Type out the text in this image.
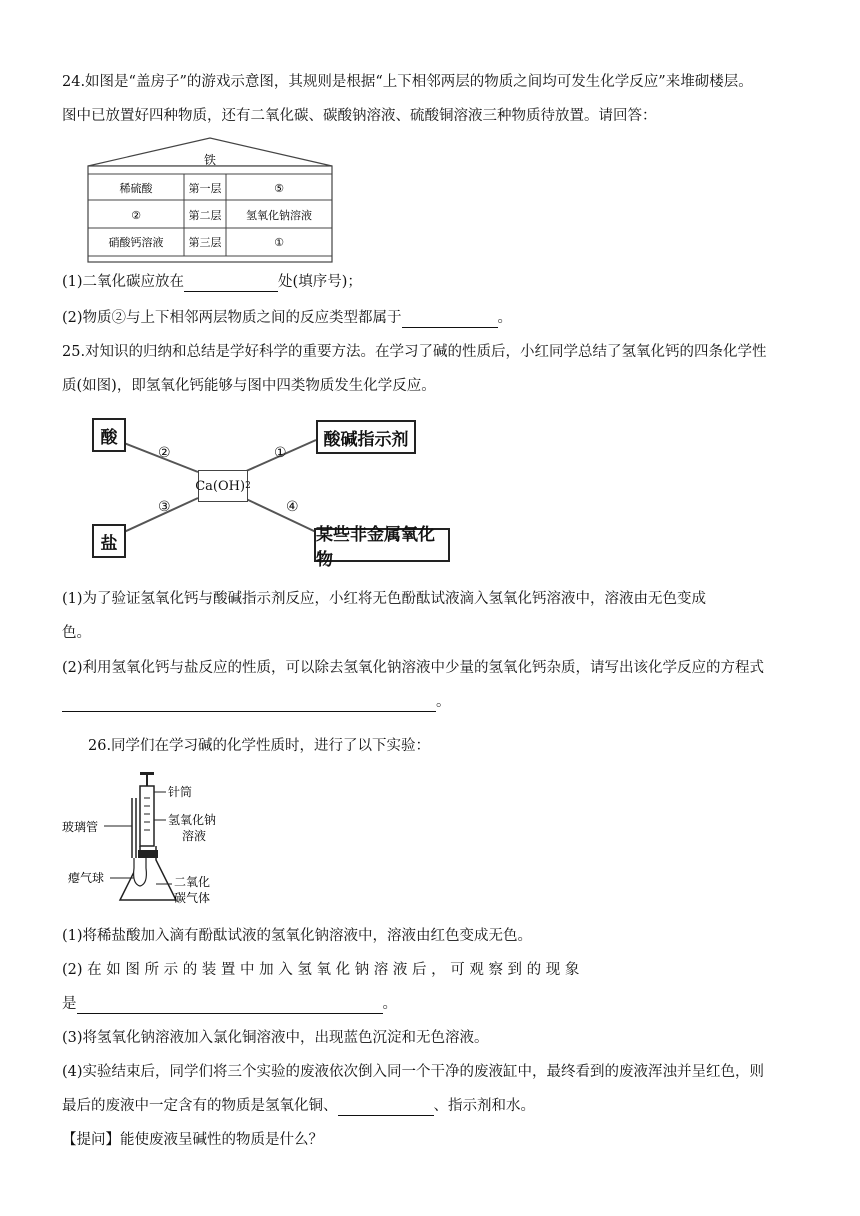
24.如图是“盖房子”的游戏示意图，其规则是根据“上下相邻两层的物质之间均可发生化学反应”来堆砌楼层。
图中已放置好四种物质，还有二氧化碳、碳酸钠溶液、硫酸铜溶液三种物质待放置。请回答：
铁
稀硫酸	第一层	⑤
②	第二层 氢氧化钠溶液
硝酸钙溶液 第三层	①
(1)二氧化碳应放在	处(填序号)；
(2)物质②与上下相邻两层物质之间的反应类型都属于	。
25.对知识的归纳和总结是学好科学的重要方法。在学习了碱的性质后，小红同学总结了氢氧化钙的四条化学性
质(如图)，即氢氧化钙能够与图中四类物质发生化学反应。
酸	酸碱指示剂
盐	某些非金属氧化物
Ca(OH) 2
②	①
③	④
(1)为了验证氢氧化钙与酸碱指示剂反应，小红将无色酚酞试液滴入氢氧化钙溶液中，溶液由无色变成
色。
(2)利用氢氧化钙与盐反应的性质，可以除去氢氧化钠溶液中少量的氢氧化钙杂质，请写出该化学反应的方程式
。
26.同学们在学习碱的化学性质时，进行了以下实验：
针筒
氢氧化钠
溶液
玻璃管
瘪气球	二氧化
碳气体
(1)将稀盐酸加入滴有酚酞试液的氢氧化钠溶液中，溶液由红色变成无色。
(2) 在 如 图 所 示 的 装 置 中 加 入 氢 氧 化 钠 溶 液 后 ， 可 观 察 到 的 现 象
是	。
(3)将氢氧化钠溶液加入氯化铜溶液中，出现蓝色沉淀和无色溶液。
(4)实验结束后，同学们将三个实验的废液依次倒入同一个干净的废液缸中，最终看到的废液浑浊并呈红色，则
最后的废液中一定含有的物质是氢氧化铜、	、指示剂和水。
【提问】能使废液呈碱性的物质是什么？
